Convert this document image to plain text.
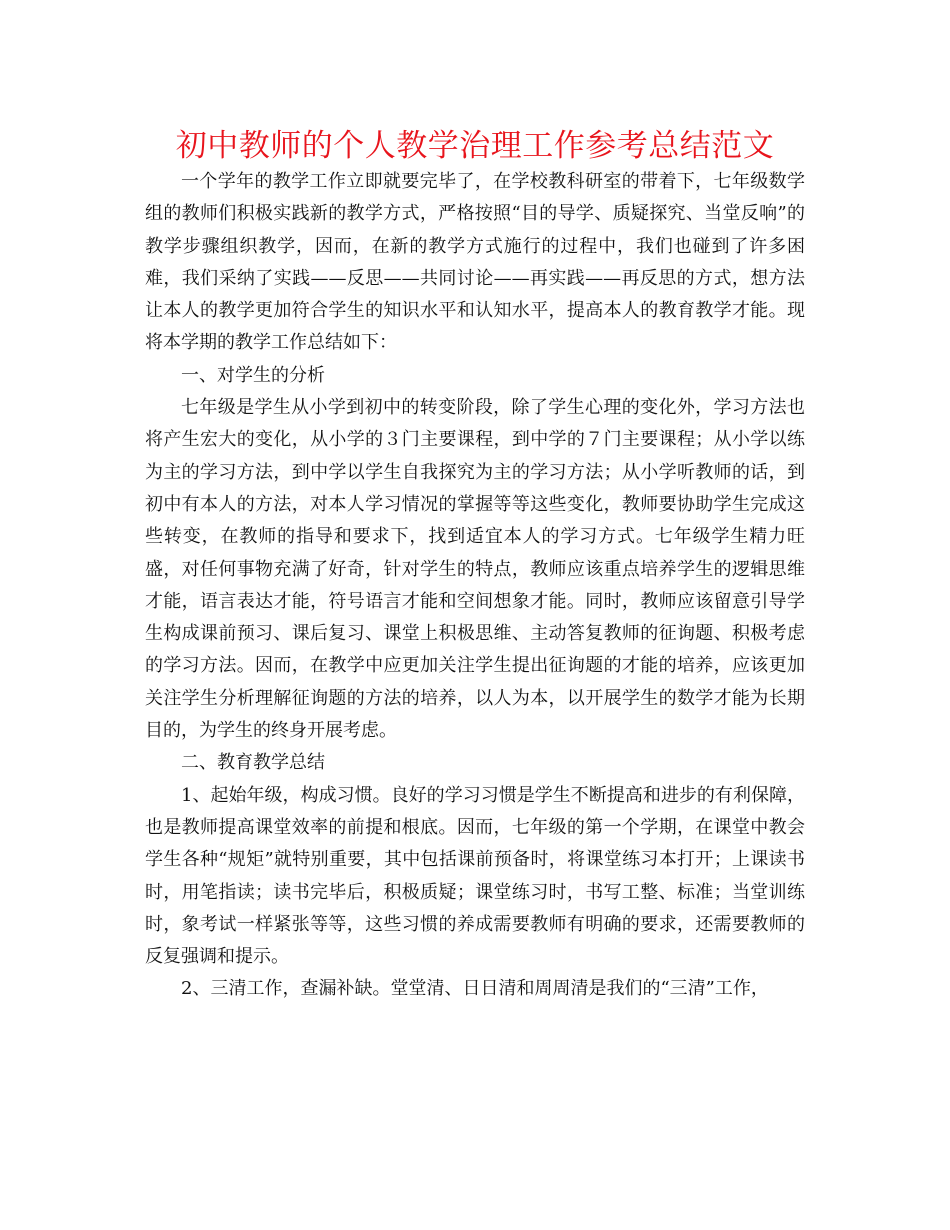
初中教师的个人教学治理工作参考总结范文

一个学年的教学工作立即就要完毕了，在学校教科研室的带着下，七年级数学组的教师们积极实践新的教学方式，严格按照“目的导学、质疑探究、当堂反响”的教学步骤组织教学，因而，在新的教学方式施行的过程中，我们也碰到了许多困难，我们采纳了实践——反思——共同讨论——再实践——再反思的方式，想方法让本人的教学更加符合学生的知识水平和认知水平，提高本人的教育教学才能。现将本学期的教学工作总结如下：

一、对学生的分析

七年级是学生从小学到初中的转变阶段，除了学生心理的变化外，学习方法也将产生宏大的变化，从小学的３门主要课程，到中学的７门主要课程；从小学以练为主的学习方法，到中学以学生自我探究为主的学习方法；从小学听教师的话，到初中有本人的方法，对本人学习情况的掌握等等这些变化，教师要协助学生完成这些转变，在教师的指导和要求下，找到适宜本人的学习方式。七年级学生精力旺盛，对任何事物充满了好奇，针对学生的特点，教师应该重点培养学生的逻辑思维才能，语言表达才能，符号语言才能和空间想象才能。同时，教师应该留意引导学生构成课前预习、课后复习、课堂上积极思维、主动答复教师的征询题、积极考虑的学习方法。因而，在教学中应更加关注学生提出征询题的才能的培养，应该更加关注学生分析理解征询题的方法的培养，以人为本，以开展学生的数学才能为长期目的，为学生的终身开展考虑。

二、教育教学总结

1、起始年级，构成习惯。良好的学习习惯是学生不断提高和进步的有利保障，也是教师提高课堂效率的前提和根底。因而，七年级的第一个学期，在课堂中教会学生各种“规矩”就特别重要，其中包括课前预备时，将课堂练习本打开；上课读书时，用笔指读；读书完毕后，积极质疑；课堂练习时，书写工整、标准；当堂训练时，象考试一样紧张等等，这些习惯的养成需要教师有明确的要求，还需要教师的反复强调和提示。

2、三清工作，查漏补缺。堂堂清、日日清和周周清是我们的“三清”工作，
